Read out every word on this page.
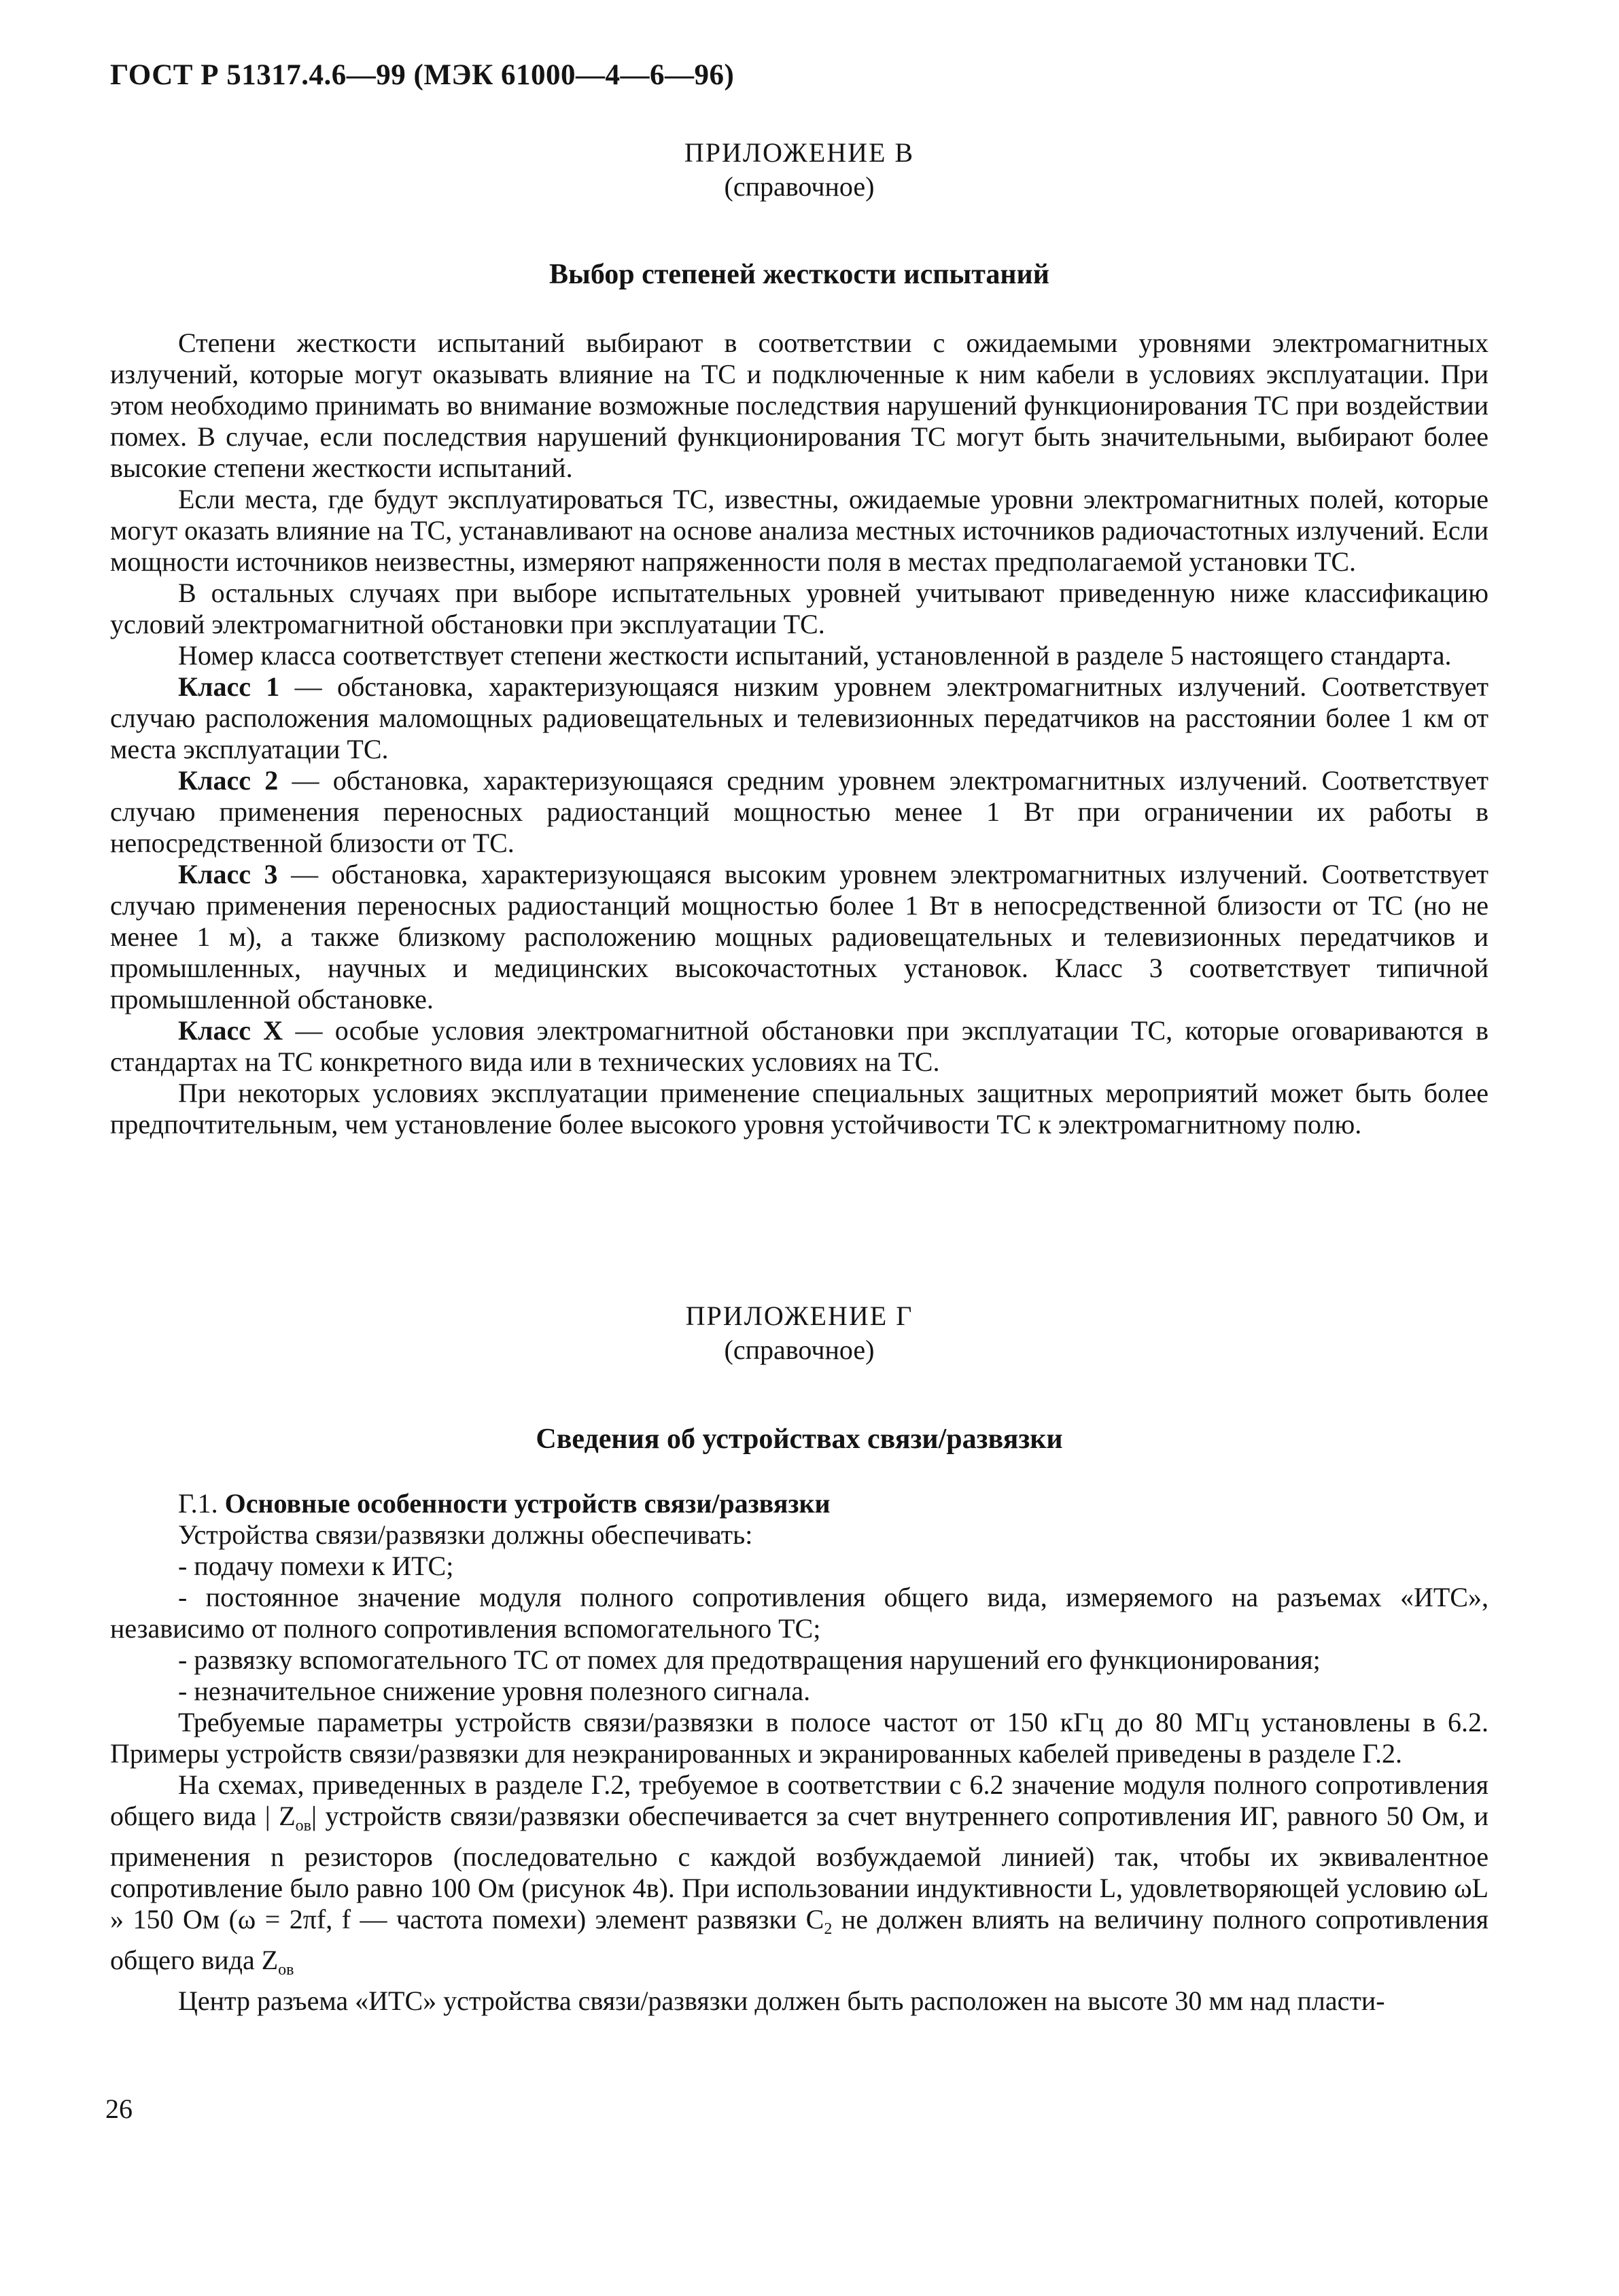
ГОСТ Р 51317.4.6—99 (МЭК 61000—4—6—96)
ПРИЛОЖЕНИЕ В
(справочное)
Выбор степеней жесткости испытаний

Степени жесткости испытаний выбирают в соответствии с ожидаемыми уровнями электромагнитных излучений, которые могут оказывать влияние на ТС и подключенные к ним кабели в условиях эксплуатации. При этом необходимо принимать во внимание возможные последствия нарушений функционирования ТС при воздействии помех. В случае, если последствия нарушений функционирования ТС могут быть значительными, выбирают более высокие степени жесткости испытаний.

Если места, где будут эксплуатироваться ТС, известны, ожидаемые уровни электромагнитных полей, которые могут оказать влияние на ТС, устанавливают на основе анализа местных источников радиочастотных излучений. Если мощности источников неизвестны, измеряют напряженности поля в местах предполагаемой установки ТС.

В остальных случаях при выборе испытательных уровней учитывают приведенную ниже классификацию условий электромагнитной обстановки при эксплуатации ТС.

Номер класса соответствует степени жесткости испытаний, установленной в разделе 5 настоящего стандарта.

Класс 1 — обстановка, характеризующаяся низким уровнем электромагнитных излучений. Соответствует случаю расположения маломощных радиовещательных и телевизионных передатчиков на расстоянии более 1 км от места эксплуатации ТС.

Класс 2 — обстановка, характеризующаяся средним уровнем электромагнитных излучений. Соответствует случаю применения переносных радиостанций мощностью менее 1 Вт при ограничении их работы в непосредственной близости от ТС.

Класс 3 — обстановка, характеризующаяся высоким уровнем электромагнитных излучений. Соответствует случаю применения переносных радиостанций мощностью более 1 Вт в непосредственной близости от ТС (но не менее 1 м), а также близкому расположению мощных радиовещательных и телевизионных передатчиков и промышленных, научных и медицинских высокочастотных установок. Класс 3 соответствует типичной промышленной обстановке.

Класс X — особые условия электромагнитной обстановки при эксплуатации ТС, которые оговариваются в стандартах на ТС конкретного вида или в технических условиях на ТС.

При некоторых условиях эксплуатации применение специальных защитных мероприятий может быть более предпочтительным, чем установление более высокого уровня устойчивости ТС к электромагнитному полю.

ПРИЛОЖЕНИЕ Г
(справочное)
Сведения об устройствах связи/развязки

Г.1. Основные особенности устройств связи/развязки

Устройства связи/развязки должны обеспечивать:

- подачу помехи к ИТС;

- постоянное значение модуля полного сопротивления общего вида, измеряемого на разъемах «ИТС», независимо от полного сопротивления вспомогательного ТС;

- развязку вспомогательного ТС от помех для предотвращения нарушений его функционирования;

- незначительное снижение уровня полезного сигнала.

Требуемые параметры устройств связи/развязки в полосе частот от 150 кГц до 80 МГц установлены в 6.2. Примеры устройств связи/развязки для неэкранированных и экранированных кабелей приведены в разделе Г.2.

На схемах, приведенных в разделе Г.2, требуемое в соответствии с 6.2 значение модуля полного сопротивления общего вида | $Z_{ов}|$ устройств связи/развязки обеспечивается за счет внутреннего сопротивления ИГ, равного 50 Ом, и применения n резисторов (последовательно с каждой возбуждаемой линией) так, чтобы их эквивалентное сопротивление было равно 100 Ом (рисунок 4в). При использовании индуктивности L, удовлетворяющей условию ωL » 150 Ом (ω = 2πf, f — частота помехи) элемент развязки $C_2$ не должен влиять на величину полного сопротивления общего вида $Z_{ов}$

Центр разъема «ИТС» устройства связи/развязки должен быть расположен на высоте 30 мм над пласти-

26
